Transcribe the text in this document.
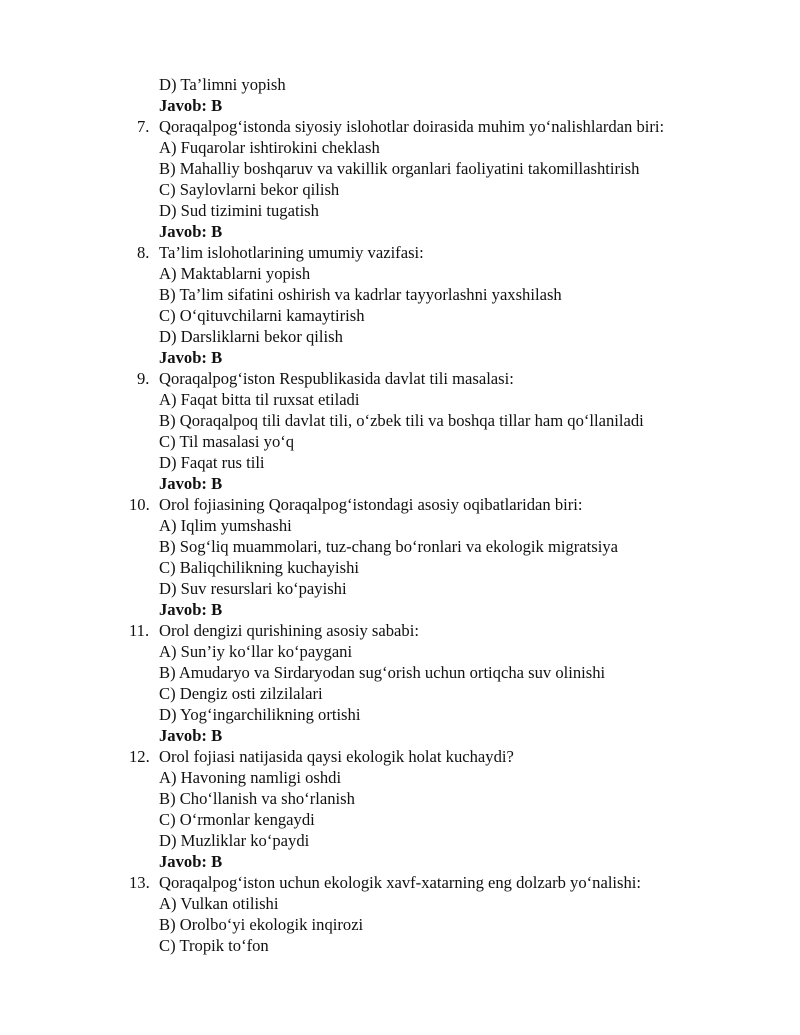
D) Ta’limni yopish
Javob: B
7. Qoraqalpog‘istonda siyosiy islohotlar doirasida muhim yo‘nalishlardan biri:
A) Fuqarolar ishtirokini cheklash
B) Mahalliy boshqaruv va vakillik organlari faoliyatini takomillashtirish
C) Saylovlarni bekor qilish
D) Sud tizimini tugatish
Javob: B
8. Ta’lim islohotlarining umumiy vazifasi:
A) Maktablarni yopish
B) Ta’lim sifatini oshirish va kadrlar tayyorlashni yaxshilash
C) O‘qituvchilarni kamaytirish
D) Darsliklarni bekor qilish
Javob: B
9. Qoraqalpog‘iston Respublikasida davlat tili masalasi:
A) Faqat bitta til ruxsat etiladi
B) Qoraqalpoq tili davlat tili, o‘zbek tili va boshqa tillar ham qo‘llaniladi
C) Til masalasi yo‘q
D) Faqat rus tili
Javob: B
10. Orol fojiasining Qoraqalpog‘istondagi asosiy oqibatlaridan biri:
A) Iqlim yumshashi
B) Sog‘liq muammolari, tuz-chang bo‘ronlari va ekologik migratsiya
C) Baliqchilikning kuchayishi
D) Suv resurslari ko‘payishi
Javob: B
11. Orol dengizi qurishining asosiy sababi:
A) Sun’iy ko‘llar ko‘paygani
B) Amudaryo va Sirdaryodan sug‘orish uchun ortiqcha suv olinishi
C) Dengiz osti zilzilalari
D) Yog‘ingarchilikning ortishi
Javob: B
12. Orol fojiasi natijasida qaysi ekologik holat kuchaydi?
A) Havoning namligi oshdi
B) Cho‘llanish va sho‘rlanish
C) O‘rmonlar kengaydi
D) Muzliklar ko‘paydi
Javob: B
13. Qoraqalpog‘iston uchun ekologik xavf-xatarning eng dolzarb yo‘nalishi:
A) Vulkan otilishi
B) Orolbo‘yi ekologik inqirozi
C) Tropik to‘fon
